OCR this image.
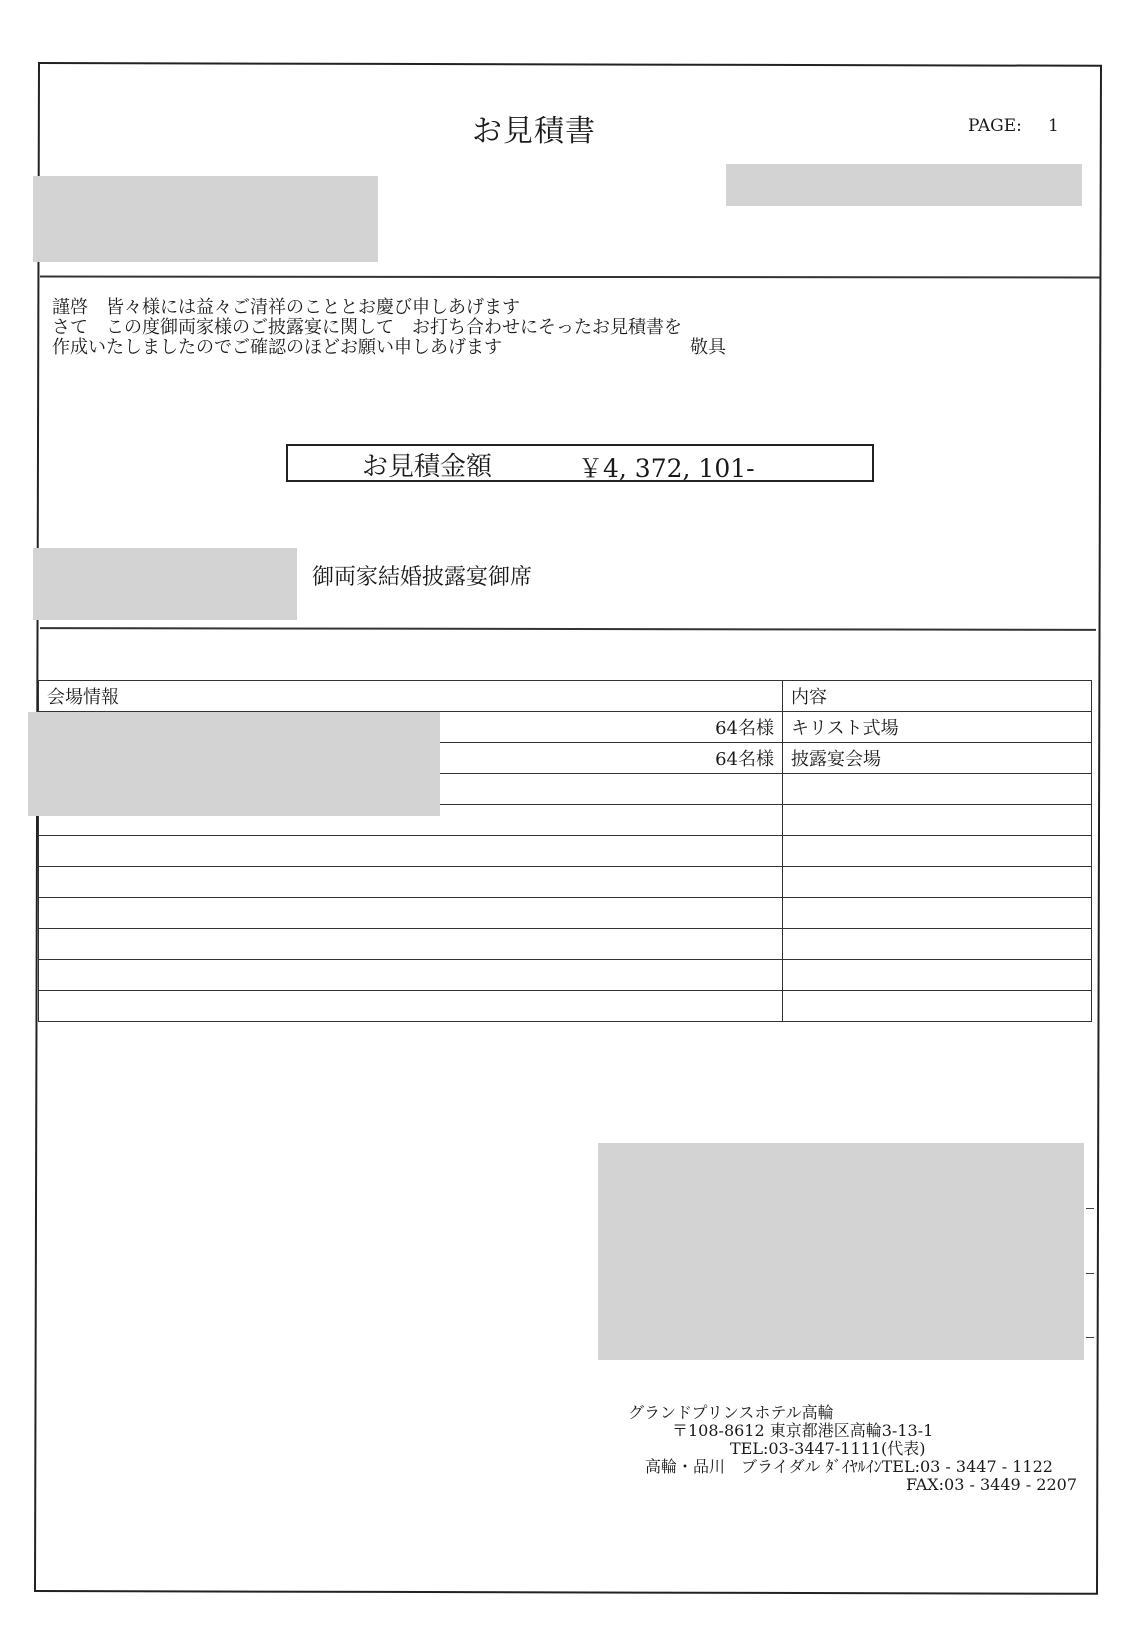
お見積書	PAGE: 1
謹啓　皆々様には益々ご清祥のこととお慶び申しあげます
さて　この度御両家様のご披露宴に関して　お打ち合わせにそったお見積書を
作成いたしましたのでご確認のほどお願い申しあげます	敬具
お見積金額	￥4, 372, 101-
御両家結婚披露宴御席
会場情報	内容
64名様	キリスト式場
64名様	披露宴会場

グランドプリンスホテル高輪
〒108-8612 東京都港区高輪3-13-1
TEL:03-3447-1111(代表)
高輪・品川　ブライダル ﾀﾞｲﾔﾙｲﾝTEL:03 - 3447 - 1122
FAX:03 - 3449 - 2207
